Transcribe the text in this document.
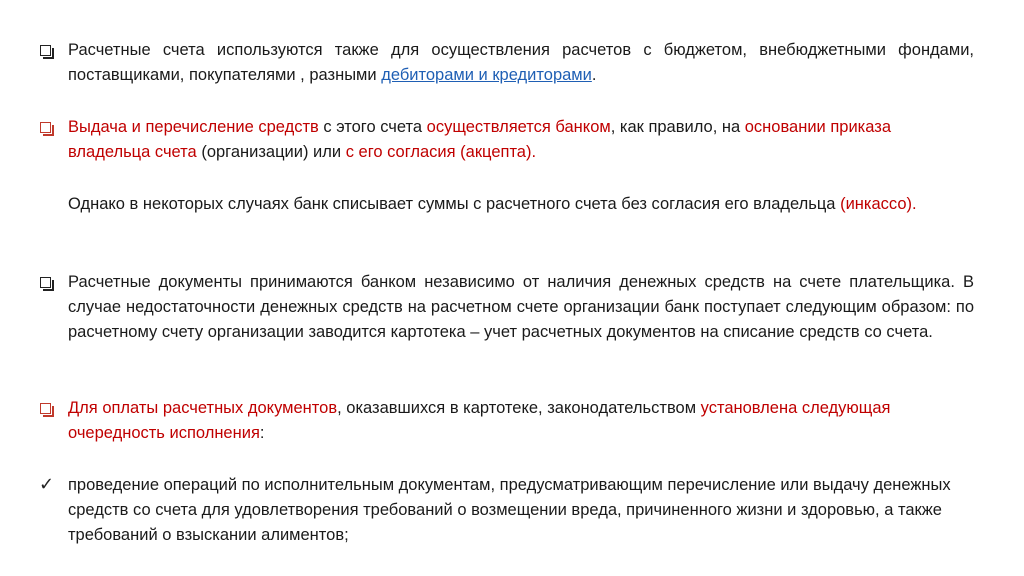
Расчетные счета используются также для осуществления расчетов с бюджетом, внебюджетными фондами, поставщиками, покупателями , разными дебиторами и кредиторами.
Выдача и перечисление средств с этого счета осуществляется банком, как правило, на основании приказа владельца счета (организации) или с его согласия (акцепта).
Однако в некоторых случаях банк списывает суммы с расчетного счета без согласия его владельца (инкассо).
Расчетные документы принимаются банком независимо от наличия денежных средств на счете плательщика. В случае недостаточности денежных средств на расчетном счете организации банк поступает следующим образом: по расчетному счету организации заводится картотека – учет расчетных документов на списание средств со счета.
Для оплаты расчетных документов, оказавшихся в картотеке, законодательством установлена следующая очередность исполнения:
✓ проведение операций по исполнительным документам, предусматривающим перечисление или выдачу денежных средств со счета для удовлетворения требований о возмещении вреда, причиненного жизни и здоровью, а также требований о взыскании алиментов;
